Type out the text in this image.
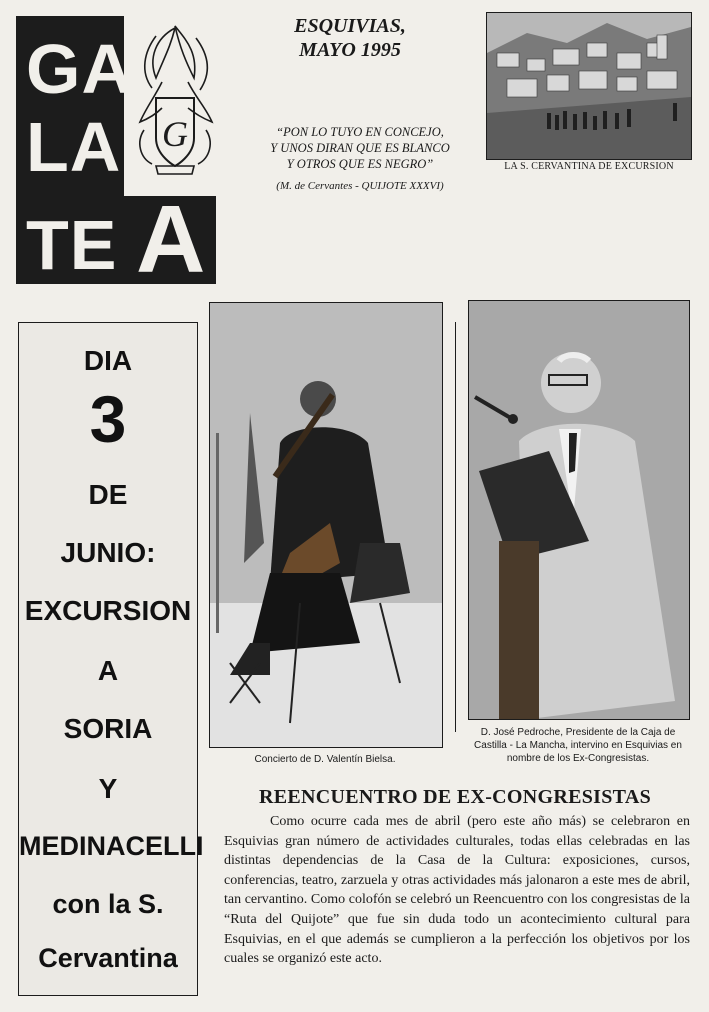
GA
LA
TE A
G
ESQUIVIAS,
MAYO 1995
“PON LO TUYO EN CONCEJO,
Y UNOS DIRAN QUE ES BLANCO
Y OTROS QUE ES NEGRO”
(M. de Cervantes - QUIJOTE XXXVI)
LA S. CERVANTINA DE EXCURSION
DIA
3
DE
JUNIO:
EXCURSION
A
SORIA
Y
MEDINACELLI
con la S.
Cervantina
Concierto de D. Valentín Bielsa.
D. José Pedroche, Presidente de la Caja de
Castilla - La Mancha, intervino en Esquivias en
nombre de los Ex-Congresistas.
REENCUENTRO DE EX-CONGRESISTAS
Como ocurre cada mes de abril (pero este año más) se celebraron en Esquivias gran número de actividades culturales, todas ellas celebradas en las distintas dependencias de la Casa de la Cultura: exposiciones, cursos, conferencias, teatro, zarzuela y otras actividades más jalonaron a este mes de abril, tan cervantino. Como colofón se celebró un Reencuentro con los congresistas de la “Ruta del Quijote” que fue sin duda todo un acontecimiento cultural para Esquivias, en el que además se cumplieron a la perfección los objetivos por los cuales se organizó este acto.
